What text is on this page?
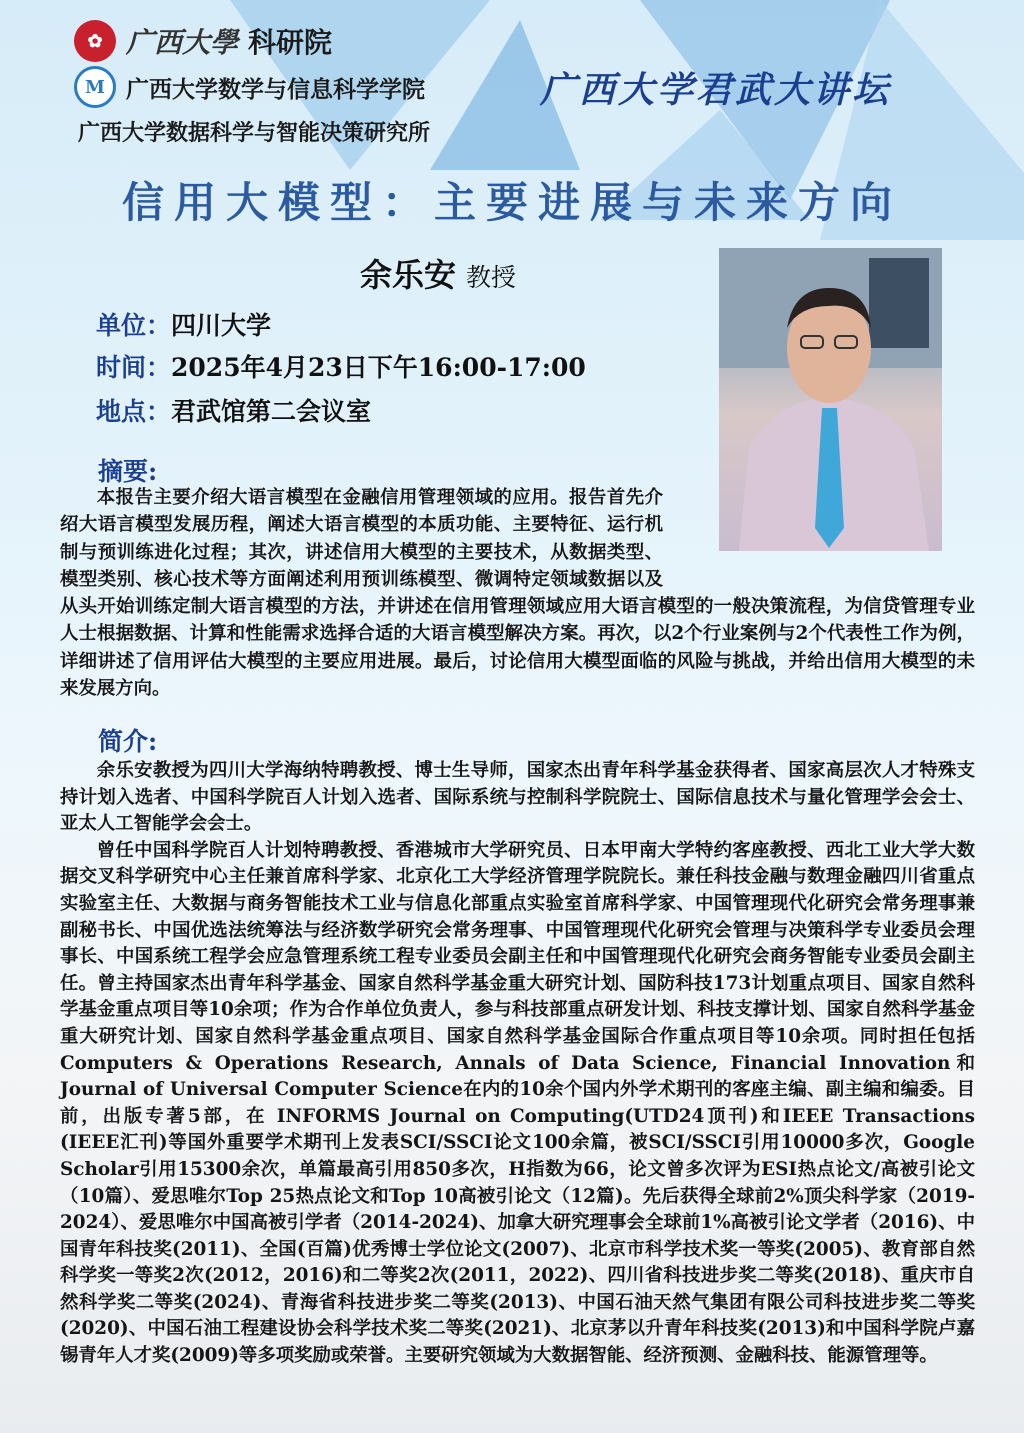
✿ 广西大學 科研院
M 广西大学数学与信息科学学院
广西大学数据科学与智能决策研究所
广西大学君武大讲坛
信用大模型：主要进展与未来方向
余乐安 教授
单位：四川大学
时间：2025年4月23日下午16:00-17:00
地点：君武馆第二会议室
摘要:

本报告主要介绍大语言模型在金融信用管理领域的应用。报告首先介绍大语言模型发展历程，阐述大语言模型的本质功能、主要特征、运行机制与预训练进化过程；其次，讲述信用大模型的主要技术，从数据类型、模型类别、核心技术等方面阐述利用预训练模型、微调特定领域数据以及从头开始训练定制大语言模型的方法，并讲述在信用管理领域应用大语言模型的一般决策流程，为信贷管理专业人士根据数据、计算和性能需求选择合适的大语言模型解决方案。再次，以2个行业案例与2个代表性工作为例，详细讲述了信用评估大模型的主要应用进展。最后，讨论信用大模型面临的风险与挑战，并给出信用大模型的未来发展方向。

简介:

余乐安教授为四川大学海纳特聘教授、博士生导师，国家杰出青年科学基金获得者、国家高层次人才特殊支持计划入选者、中国科学院百人计划入选者、国际系统与控制科学院院士、国际信息技术与量化管理学会会士、亚太人工智能学会会士。

曾任中国科学院百人计划特聘教授、香港城市大学研究员、日本甲南大学特约客座教授、西北工业大学大数据交叉科学研究中心主任兼首席科学家、北京化工大学经济管理学院院长。兼任科技金融与数理金融四川省重点实验室主任、大数据与商务智能技术工业与信息化部重点实验室首席科学家、中国管理现代化研究会常务理事兼副秘书长、中国优选法统筹法与经济数学研究会常务理事、中国管理现代化研究会管理与决策科学专业委员会理事长、中国系统工程学会应急管理系统工程专业委员会副主任和中国管理现代化研究会商务智能专业委员会副主任。曾主持国家杰出青年科学基金、国家自然科学基金重大研究计划、国防科技173计划重点项目、国家自然科学基金重点项目等10余项；作为合作单位负责人，参与科技部重点研发计划、科技支撑计划、国家自然科学基金重大研究计划、国家自然科学基金重点项目、国家自然科学基金国际合作重点项目等10余项。同时担任包括Computers & Operations Research, Annals of Data Science, Financial Innovation和Journal of Universal Computer Science在内的10余个国内外学术期刊的客座主编、副主编和编委。目前，出版专著5部，在 INFORMS Journal on Computing(UTD24顶刊)和IEEE Transactions (IEEE汇刊)等国外重要学术期刊上发表SCI/SSCI论文100余篇，被SCI/SSCI引用10000多次，Google Scholar引用15300余次，单篇最高引用850多次，H指数为66，论文曾多次评为ESI热点论文/高被引论文（10篇）、爱思唯尔Top 25热点论文和Top 10高被引论文（12篇)。先后获得全球前2%顶尖科学家（2019-2024）、爱思唯尔中国高被引学者（2014-2024)、加拿大研究理事会全球前1%高被引论文学者（2016)、中国青年科技奖(2011)、全国(百篇)优秀博士学位论文(2007)、北京市科学技术奖一等奖(2005)、教育部自然科学奖一等奖2次(2012，2016)和二等奖2次(2011，2022)、四川省科技进步奖二等奖(2018)、重庆市自然科学奖二等奖(2024)、青海省科技进步奖二等奖(2013)、中国石油天然气集团有限公司科技进步奖二等奖(2020)、中国石油工程建设协会科学技术奖二等奖(2021)、北京茅以升青年科技奖(2013)和中国科学院卢嘉锡青年人才奖(2009)等多项奖励或荣誉。主要研究领域为大数据智能、经济预测、金融科技、能源管理等。
